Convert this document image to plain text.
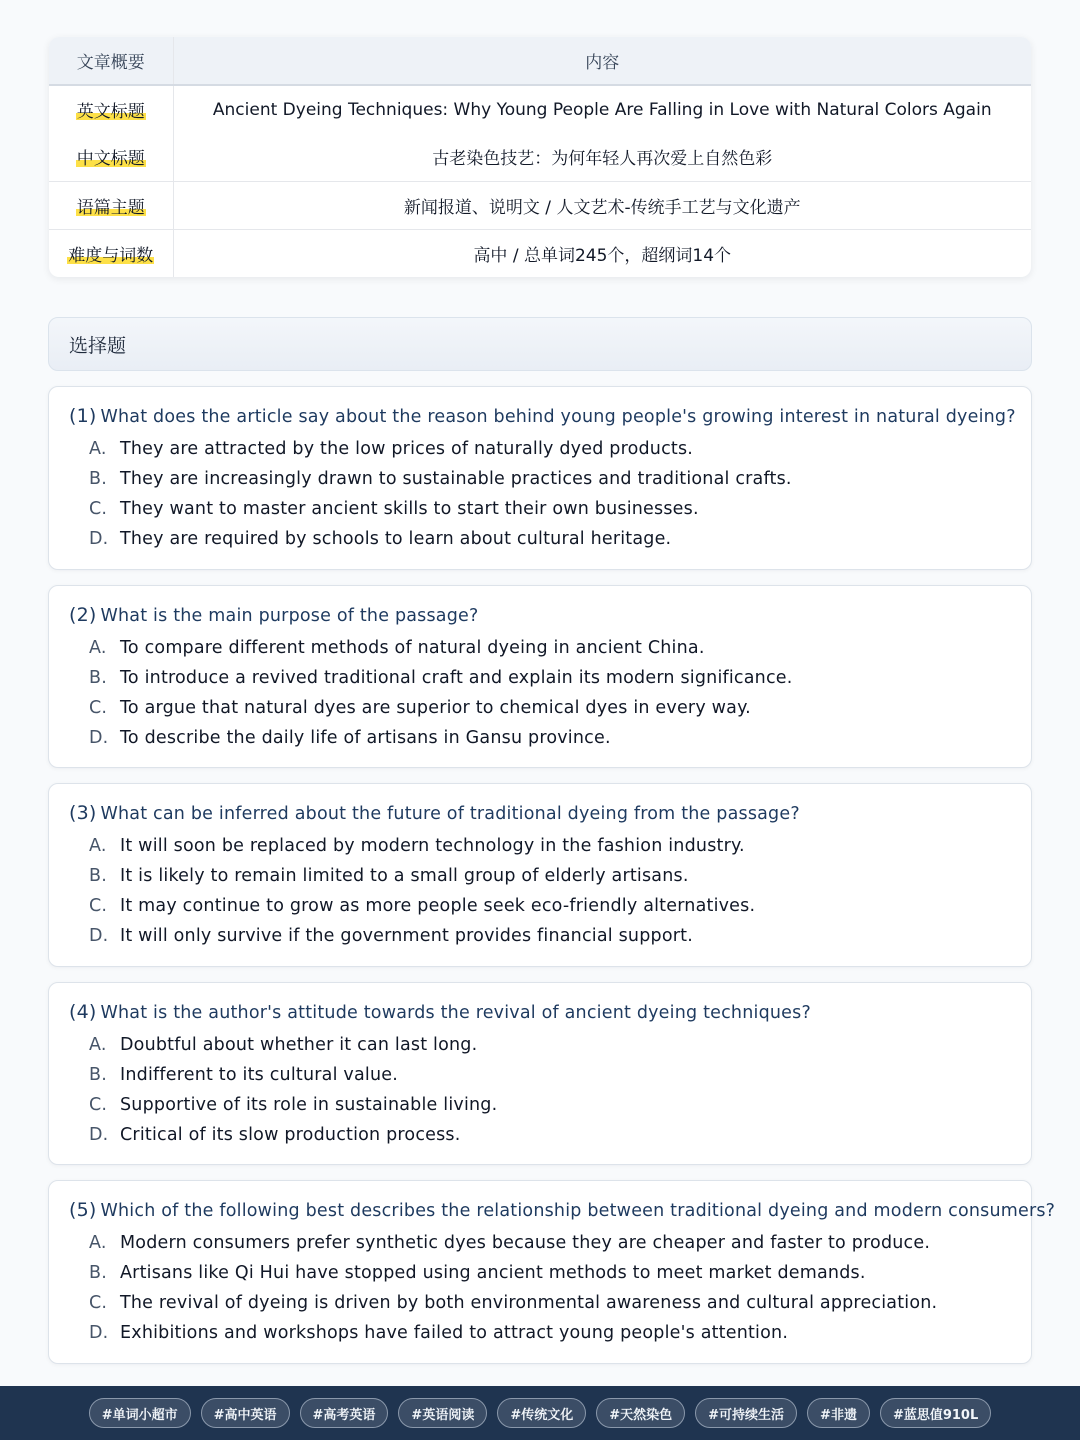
文章概要	内容
英文标题	Ancient Dyeing Techniques: Why Young People Are Falling in Love with Natural Colors Again
中文标题	古老染色技艺：为何年轻人再次爱上自然色彩
语篇主题	新闻报道、说明文 / 人文艺术-传统手工艺与文化遗产
难度与词数	高中 / 总单词245个，超纲词14个
选择题
(1) What does the article say about the reason behind young people's growing interest in natural dyeing?
A. They are attracted by the low prices of naturally dyed products.
B. They are increasingly drawn to sustainable practices and traditional crafts.
C. They want to master ancient skills to start their own businesses.
D. They are required by schools to learn about cultural heritage.
(2) What is the main purpose of the passage?
A. To compare different methods of natural dyeing in ancient China.
B. To introduce a revived traditional craft and explain its modern significance.
C. To argue that natural dyes are superior to chemical dyes in every way.
D. To describe the daily life of artisans in Gansu province.
(3) What can be inferred about the future of traditional dyeing from the passage?
A. It will soon be replaced by modern technology in the fashion industry.
B. It is likely to remain limited to a small group of elderly artisans.
C. It may continue to grow as more people seek eco-friendly alternatives.
D. It will only survive if the government provides financial support.
(4) What is the author's attitude towards the revival of ancient dyeing techniques?
A. Doubtful about whether it can last long.
B. Indifferent to its cultural value.
C. Supportive of its role in sustainable living.
D. Critical of its slow production process.
(5) Which of the following best describes the relationship between traditional dyeing and modern consumers?
A. Modern consumers prefer synthetic dyes because they are cheaper and faster to produce.
B. Artisans like Qi Hui have stopped using ancient methods to meet market demands.
C. The revival of dyeing is driven by both environmental awareness and cultural appreciation.
D. Exhibitions and workshops have failed to attract young people's attention.
#单词小超市	#高中英语	#高考英语	#英语阅读	#传统文化	#天然染色	#可持续生活	#非遗	#蓝思值910L
